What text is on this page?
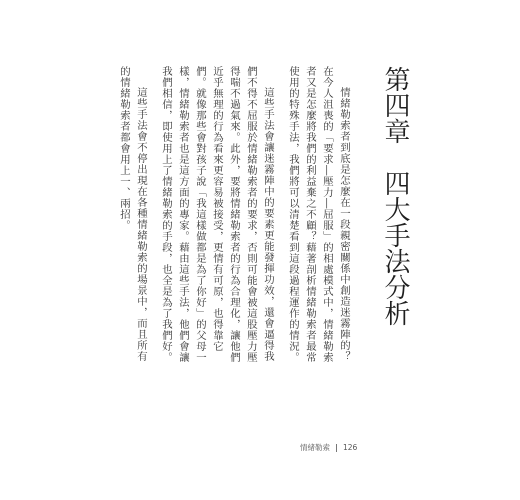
第四章　四大手法分析

情緒勒索者到底是怎麼在一段親密關係中創造迷霧陣的？在今人沮喪的「要求―壓力―屈服」的相處模式中，情緒勒索者又是怎麼將我們的利益棄之不顧？藉著剖析情緒勒索者最常使用的特殊手法，我們將可以清楚看到這段過程運作的情況。

這些手法會讓迷霧陣中的要素更能發揮功效，還會逼得我們不得不屈服於情緒勒索者的要求，否則可能會被這股壓力壓得喘不過氣來。此外，要將情緒勒索者的行為合理化，讓他們近乎無理的行為看來更容易被接受，更情有可原，也得靠它們。就像那些會對孩子說「我這樣做都是為了你好」的父母一樣，情緒勒索者也是這方面的專家。藉由這些手法，他們會讓我們相信，即使用上了情緒勒索的手段，也全是為了我們好。

這些手法會不停出現在各種情緒勒索的場景中，而且所有的情緒勒索者都會用上一、兩招。

情緒勒索 126
